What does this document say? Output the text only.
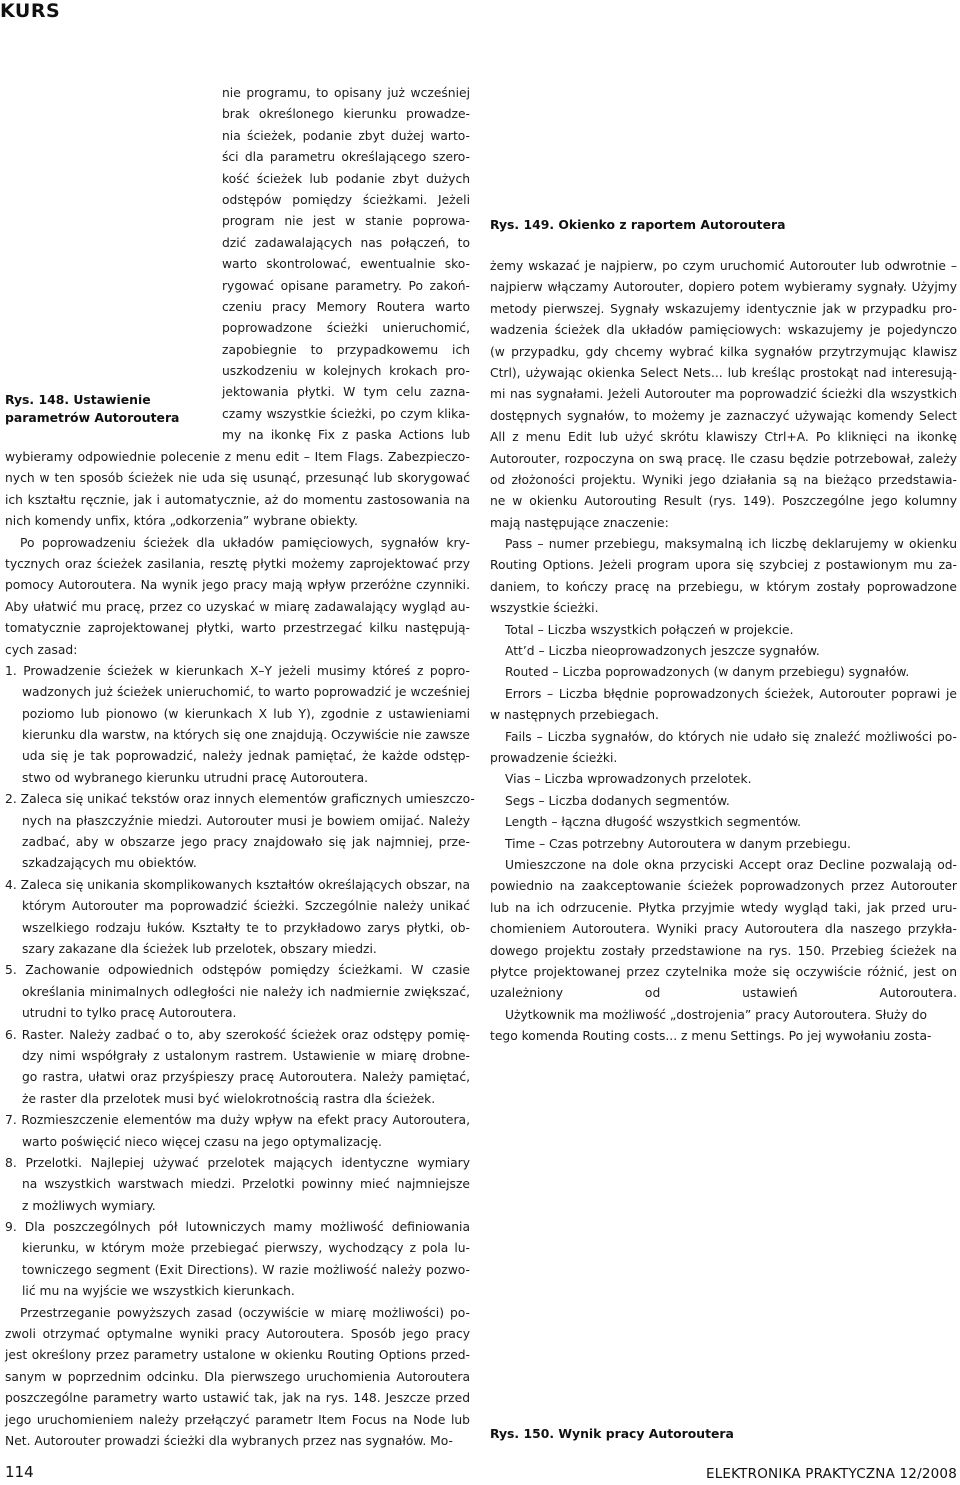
KURS

nie programu, to opisany już wcześniej
brak określonego kierunku prowadze-
nia ścieżek, podanie zbyt dużej warto-
ści dla parametru określającego szero-
kość ścieżek lub podanie zbyt dużych
odstępów pomiędzy ścieżkami. Jeżeli
program nie jest w stanie poprowa-
dzić zadawalających nas połączeń, to
warto skontrolować, ewentualnie sko-
rygować opisane parametry. Po zakoń-
czeniu pracy Memory Routera warto
poprowadzone ścieżki unieruchomić,
zapobiegnie to przypadkowemu ich
uszkodzeniu w kolejnych krokach pro-
jektowania płytki. W tym celu zazna-
czamy wszystkie ścieżki, po czym klika-
my na ikonkę Fix z paska Actions lub

Rys. 148. Ustawienie parametrów Autoroutera

wybieramy odpowiednie polecenie z menu edit – Item Flags. Zabezpieczo-
nych w ten sposób ścieżek nie uda się usunąć, przesunąć lub skorygować
ich kształtu ręcznie, jak i automatycznie, aż do momentu zastosowania na
nich komendy unfix, która „odkorzenia” wybrane obiekty.
Po poprowadzeniu ścieżek dla układów pamięciowych, sygnałów kry-
tycznych oraz ścieżek zasilania, resztę płytki możemy zaprojektować przy
pomocy Autoroutera. Na wynik jego pracy mają wpływ przeróżne czynniki.
Aby ułatwić mu pracę, przez co uzyskać w miarę zadawalający wygląd au-
tomatycznie zaprojektowanej płytki, warto przestrzegać kilku następują-
cych zasad:
1. Prowadzenie ścieżek w kierunkach X–Y jeżeli musimy któreś z popro-
wadzonych już ścieżek unieruchomić, to warto poprowadzić je wcześniej
poziomo lub pionowo (w kierunkach X lub Y), zgodnie z ustawieniami
kierunku dla warstw, na których się one znajdują. Oczywiście nie zawsze
uda się je tak poprowadzić, należy jednak pamiętać, że każde odstęp-
stwo od wybranego kierunku utrudni pracę Autoroutera.
2. Zaleca się unikać tekstów oraz innych elementów graficznych umieszczo-
nych na płaszczyźnie miedzi. Autorouter musi je bowiem omijać. Należy
zadbać, aby w obszarze jego pracy znajdowało się jak najmniej, prze-
szkadzających mu obiektów.
4. Zaleca się unikania skomplikowanych kształtów określających obszar, na
którym Autorouter ma poprowadzić ścieżki. Szczególnie należy unikać
wszelkiego rodzaju łuków. Kształty te to przykładowo zarys płytki, ob-
szary zakazane dla ścieżek lub przelotek, obszary miedzi.
5. Zachowanie odpowiednich odstępów pomiędzy ścieżkami. W czasie
określania minimalnych odległości nie należy ich nadmiernie zwiększać,
utrudni to tylko pracę Autoroutera.
6. Raster. Należy zadbać o to, aby szerokość ścieżek oraz odstępy pomię-
dzy nimi współgrały z ustalonym rastrem. Ustawienie w miarę drobne-
go rastra, ułatwi oraz przyśpieszy pracę Autoroutera. Należy pamiętać,
że raster dla przelotek musi być wielokrotnością rastra dla ścieżek.
7. Rozmieszczenie elementów ma duży wpływ na efekt pracy Autoroutera,
warto poświęcić nieco więcej czasu na jego optymalizację.
8. Przelotki. Najlepiej używać przelotek mających identyczne wymiary
na wszystkich warstwach miedzi. Przelotki powinny mieć najmniejsze
z możliwych wymiary.
9. Dla poszczególnych pół lutowniczych mamy możliwość definiowania
kierunku, w którym może przebiegać pierwszy, wychodzący z pola lu-
towniczego segment (Exit Directions). W razie możliwość należy pozwo-
lić mu na wyjście we wszystkich kierunkach.
Przestrzeganie powyższych zasad (oczywiście w miarę możliwości) po-
zwoli otrzymać optymalne wyniki pracy Autoroutera. Sposób jego pracy
jest określony przez parametry ustalone w okienku Routing Options przed-
sanym w poprzednim odcinku. Dla pierwszego uruchomienia Autoroutera
poszczególne parametry warto ustawić tak, jak na rys. 148. Jeszcze przed
jego uruchomieniem należy przełączyć parametr Item Focus na Node lub
Net. Autorouter prowadzi ścieżki dla wybranych przez nas sygnałów. Mo-

Rys. 149. Okienko z raportem Autoroutera

żemy wskazać je najpierw, po czym uruchomić Autorouter lub odwrotnie –
najpierw włączamy Autorouter, dopiero potem wybieramy sygnały. Użyjmy
metody pierwszej. Sygnały wskazujemy identycznie jak w przypadku pro-
wadzenia ścieżek dla układów pamięciowych: wskazujemy je pojedynczo
(w przypadku, gdy chcemy wybrać kilka sygnałów przytrzymując klawisz
Ctrl), używając okienka Select Nets... lub kreśląc prostokąt nad interesują-
mi nas sygnałami. Jeżeli Autorouter ma poprowadzić ścieżki dla wszystkich
dostępnych sygnałów, to możemy je zaznaczyć używając komendy Select
All z menu Edit lub użyć skrótu klawiszy Ctrl+A. Po kliknięci na ikonkę
Autorouter, rozpoczyna on swą pracę. Ile czasu będzie potrzebował, zależy
od złożoności projektu. Wyniki jego działania są na bieżąco przedstawia-
ne w okienku Autorouting Result (rys. 149). Poszczególne jego kolumny
mają następujące znaczenie:
Pass – numer przebiegu, maksymalną ich liczbę deklarujemy w okienku
Routing Options. Jeżeli program upora się szybciej z postawionym mu za-
daniem, to kończy pracę na przebiegu, w którym zostały poprowadzone
wszystkie ścieżki.
Total – Liczba wszystkich połączeń w projekcie.
Att’d – Liczba nieoprowadzonych jeszcze sygnałów.
Routed – Liczba poprowadzonych (w danym przebiegu) sygnałów.
Errors – Liczba błędnie poprowadzonych ścieżek, Autorouter poprawi je
w następnych przebiegach.
Fails – Liczba sygnałów, do których nie udało się znaleźć możliwości po-
prowadzenie ścieżki.
Vias – Liczba wprowadzonych przelotek.
Segs – Liczba dodanych segmentów.
Length – łączna długość wszystkich segmentów.
Time – Czas potrzebny Autoroutera w danym przebiegu.
Umieszczone na dole okna przyciski Accept oraz Decline pozwalają od-
powiednio na zaakceptowanie ścieżek poprowadzonych przez Autorouter
lub na ich odrzucenie. Płytka przyjmie wtedy wygląd taki, jak przed uru-
chomieniem Autoroutera. Wyniki pracy Autoroutera dla naszego przykła-
dowego projektu zostały przedstawione na rys. 150. Przebieg ścieżek na
płytce projektowanej przez czytelnika może się oczywiście różnić, jest on
uzależniony od ustawień Autoroutera.
Użytkownik ma możliwość „dostrojenia” pracy Autoroutera. Służy do
tego komenda Routing costs... z menu Settings. Po jej wywołaniu zosta-

Rys. 150. Wynik pracy Autoroutera

114	ELEKTRONIKA PRAKTYCZNA 12/2008
